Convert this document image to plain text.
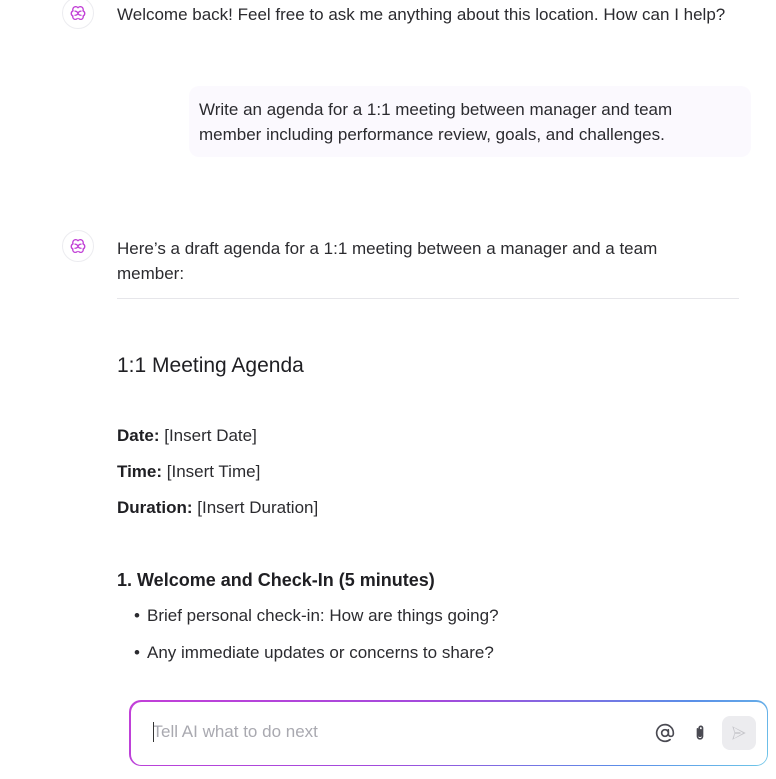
Welcome back! Feel free to ask me anything about this location. How can I help?
Write an agenda for a 1:1 meeting between manager and team
member including performance review, goals, and challenges.
Here’s a draft agenda for a 1:1 meeting between a manager and a team
member:
1:1 Meeting Agenda
Date: [Insert Date]
Time: [Insert Time]
Duration: [Insert Duration]
1. Welcome and Check-In (5 minutes)
• Brief personal check-in: How are things going?
• Any immediate updates or concerns to share?
Tell AI what to do next
